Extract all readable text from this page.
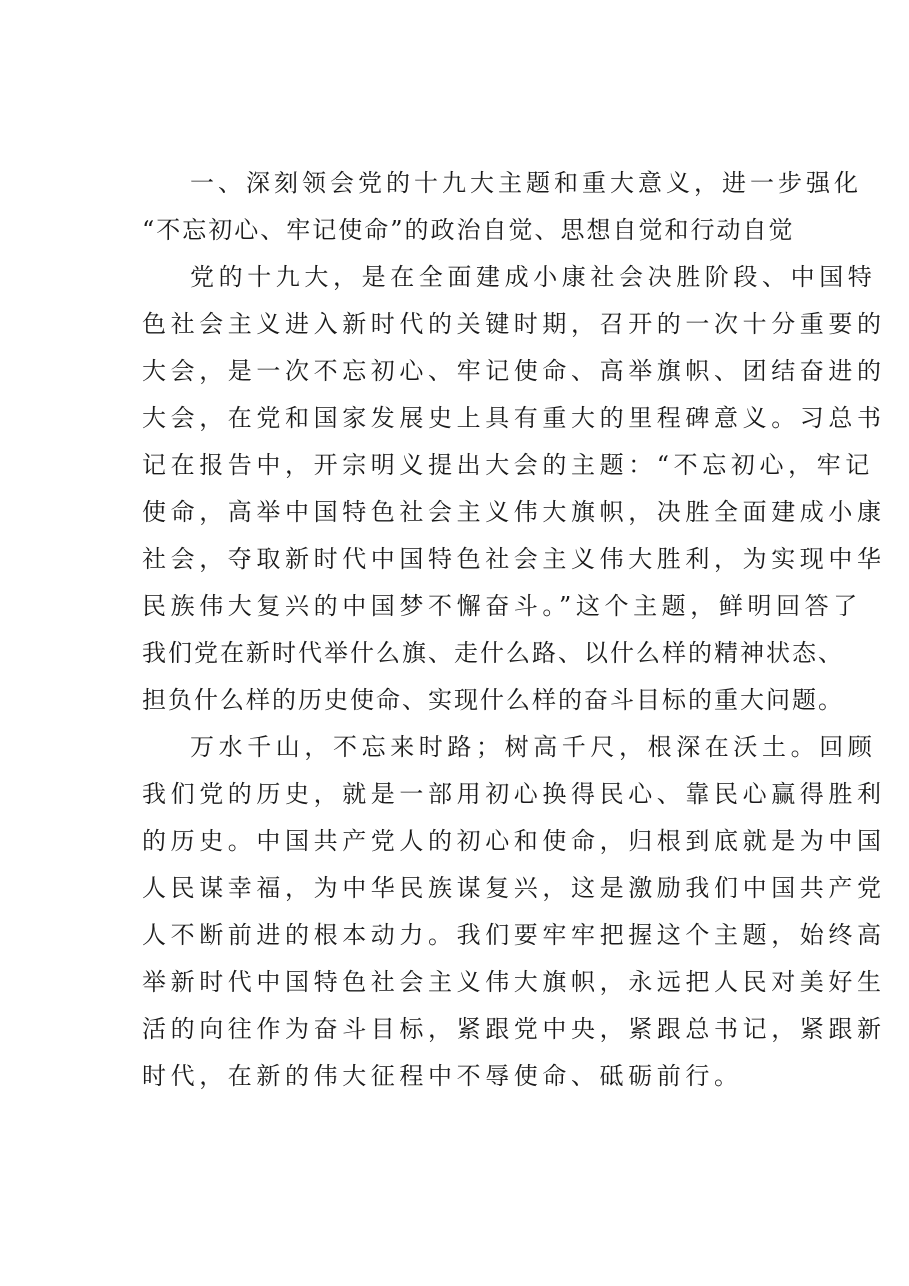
一、深刻领会党的十九大主题和重大意义，进一步强化
“不忘初心、牢记使命”的政治自觉、思想自觉和行动自觉
党的十九大，是在全面建成小康社会决胜阶段、中国特
色社会主义进入新时代的关键时期，召开的一次十分重要的
大会，是一次不忘初心、牢记使命、高举旗帜、团结奋进的
大会，在党和国家发展史上具有重大的里程碑意义。习总书
记在报告中，开宗明义提出大会的主题：“不忘初心，牢记
使命，高举中国特色社会主义伟大旗帜，决胜全面建成小康
社会，夺取新时代中国特色社会主义伟大胜利，为实现中华
民族伟大复兴的中国梦不懈奋斗。”这个主题，鲜明回答了
我们党在新时代举什么旗、走什么路、以什么样的精神状态、
担负什么样的历史使命、实现什么样的奋斗目标的重大问题。
万水千山，不忘来时路；树高千尺，根深在沃土。回顾
我们党的历史，就是一部用初心换得民心、靠民心赢得胜利
的历史。中国共产党人的初心和使命，归根到底就是为中国
人民谋幸福，为中华民族谋复兴，这是激励我们中国共产党
人不断前进的根本动力。我们要牢牢把握这个主题，始终高
举新时代中国特色社会主义伟大旗帜，永远把人民对美好生
活的向往作为奋斗目标，紧跟党中央，紧跟总书记，紧跟新
时代，在新的伟大征程中不辱使命、砥砺前行。
